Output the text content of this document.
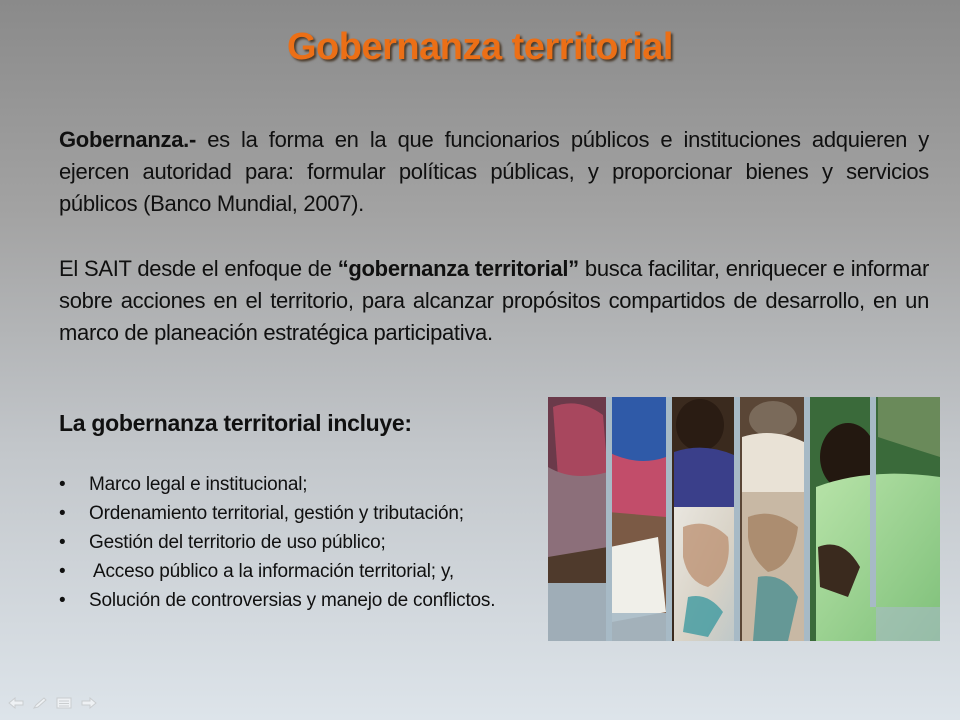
Gobernanza territorial
Gobernanza.- es la forma en la que funcionarios públicos e instituciones adquieren y ejercen autoridad para: formular políticas públicas, y proporcionar bienes y servicios públicos (Banco Mundial, 2007).
El SAIT desde el enfoque de “gobernanza territorial” busca facilitar, enriquecer e informar sobre acciones en el territorio, para alcanzar propósitos compartidos de desarrollo, en un marco de planeación estratégica participativa.
La gobernanza territorial incluye:
• Marco legal e institucional;
• Ordenamiento territorial, gestión y tributación;
• Gestión del territorio de uso público;
• Acceso público a la información territorial; y,
• Solución de controversias y manejo de conflictos.
